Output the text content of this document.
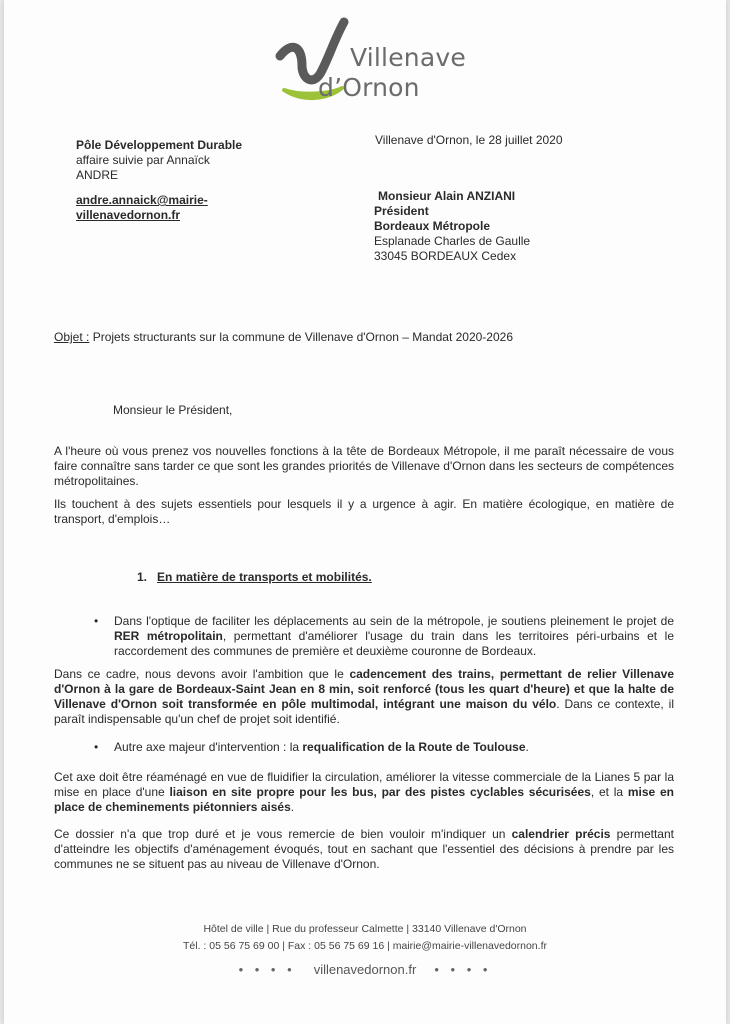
Villenave
d’Ornon
Pôle Développement Durable
affaire suivie par Annaïck
ANDRE
andre.annaick@mairie-
villenavedornon.fr
Villenave d'Ornon, le 28 juillet 2020
Monsieur Alain ANZIANI
Président
Bordeaux Métropole
Esplanade Charles de Gaulle
33045 BORDEAUX Cedex
Objet : Projets structurants sur la commune de Villenave d'Ornon – Mandat 2020-2026
Monsieur le Président,
A l'heure où vous prenez vos nouvelles fonctions à la tête de Bordeaux Métropole, il me paraît nécessaire de vous faire connaître sans tarder ce que sont les grandes priorités de Villenave d'Ornon dans les secteurs de compétences métropolitaines.
Ils touchent à des sujets essentiels pour lesquels il y a urgence à agir. En matière écologique, en matière de transport, d'emplois…
1. En matière de transports et mobilités.
• Dans l'optique de faciliter les déplacements au sein de la métropole, je soutiens pleinement le projet de RER métropolitain, permettant d'améliorer l'usage du train dans les territoires péri-urbains et le raccordement des communes de première et deuxième couronne de Bordeaux.
Dans ce cadre, nous devons avoir l'ambition que le cadencement des trains, permettant de relier Villenave d'Ornon à la gare de Bordeaux-Saint Jean en 8 min, soit renforcé (tous les quart d'heure) et que la halte de Villenave d'Ornon soit transformée en pôle multimodal, intégrant une maison du vélo. Dans ce contexte, il paraît indispensable qu'un chef de projet soit identifié.
• Autre axe majeur d'intervention : la requalification de la Route de Toulouse.
Cet axe doit être réaménagé en vue de fluidifier la circulation, améliorer la vitesse commerciale de la Lianes 5 par la mise en place d'une liaison en site propre pour les bus, par des pistes cyclables sécurisées, et la mise en place de cheminements piétonniers aisés.
Ce dossier n'a que trop duré et je vous remercie de bien vouloir m'indiquer un calendrier précis permettant d'atteindre les objectifs d'aménagement évoqués, tout en sachant que l'essentiel des décisions à prendre par les communes ne se situent pas au niveau de Villenave d'Ornon.
Hôtel de ville | Rue du professeur Calmette | 33140 Villenave d'Ornon
Tél. : 05 56 75 69 00 | Fax : 05 56 75 69 16 | mairie@mairie-villenavedornon.fr
• • • • villenavedornon.fr • • • •
